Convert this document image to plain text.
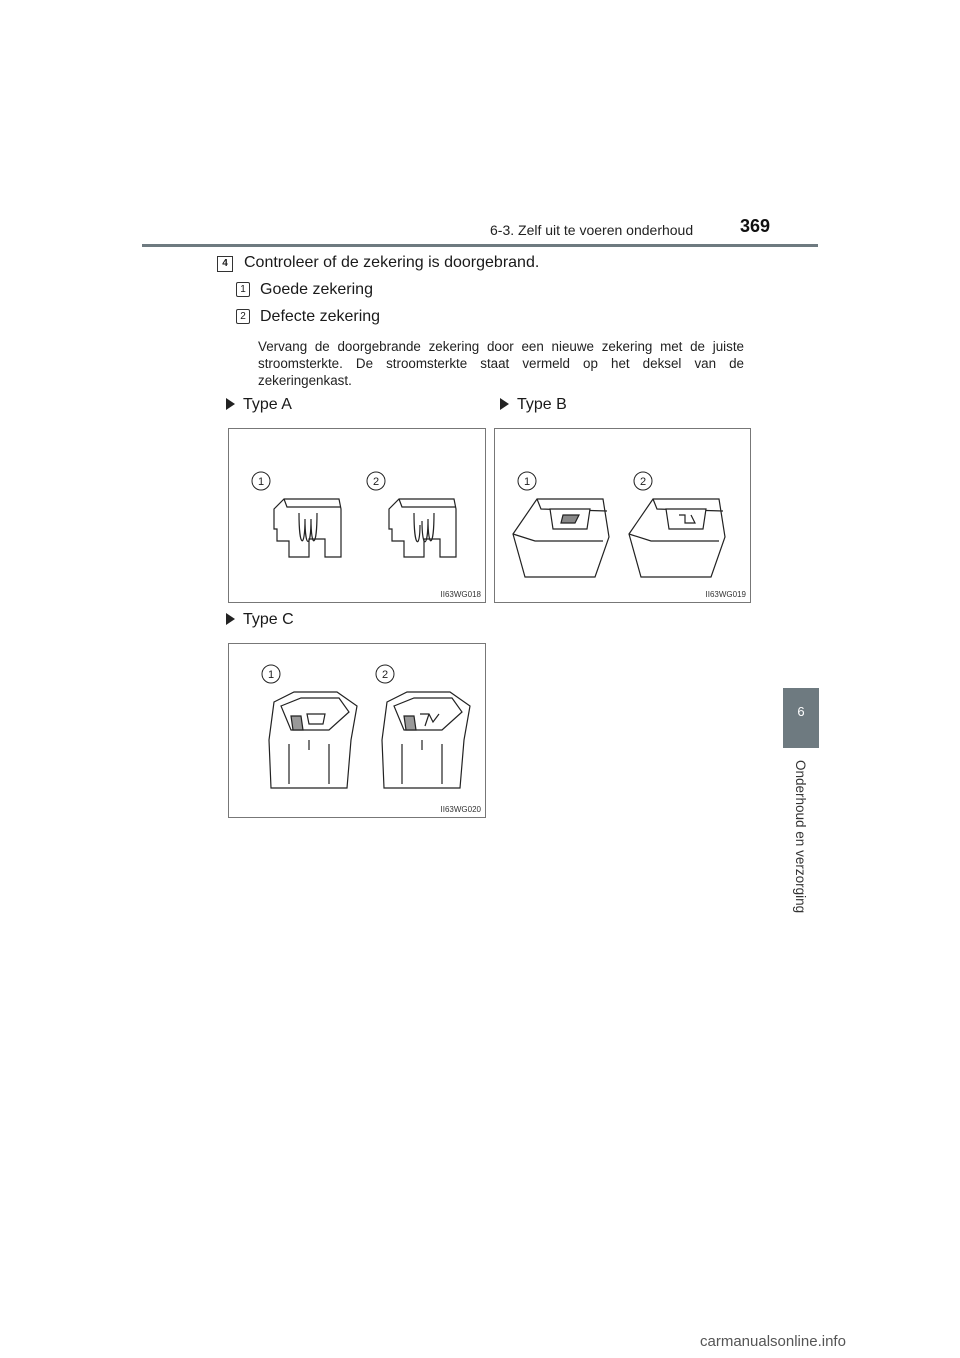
6-3. Zelf uit te voeren onderhoud	369
6
Onderhoud en verzorging
4	Controleer of de zekering is doorgebrand.
1 Goede zekering
2 Defecte zekering
Vervang de doorgebrande zekering door een nieuwe zekering met de juiste stroomsterkte. De stroomsterkte staat vermeld op het deksel van de zekeringenkast.
Type A	Type B
Type C
1	2
II63WG018
1	2
II63WG019
1	2
II63WG020
carmanualsonline.info
